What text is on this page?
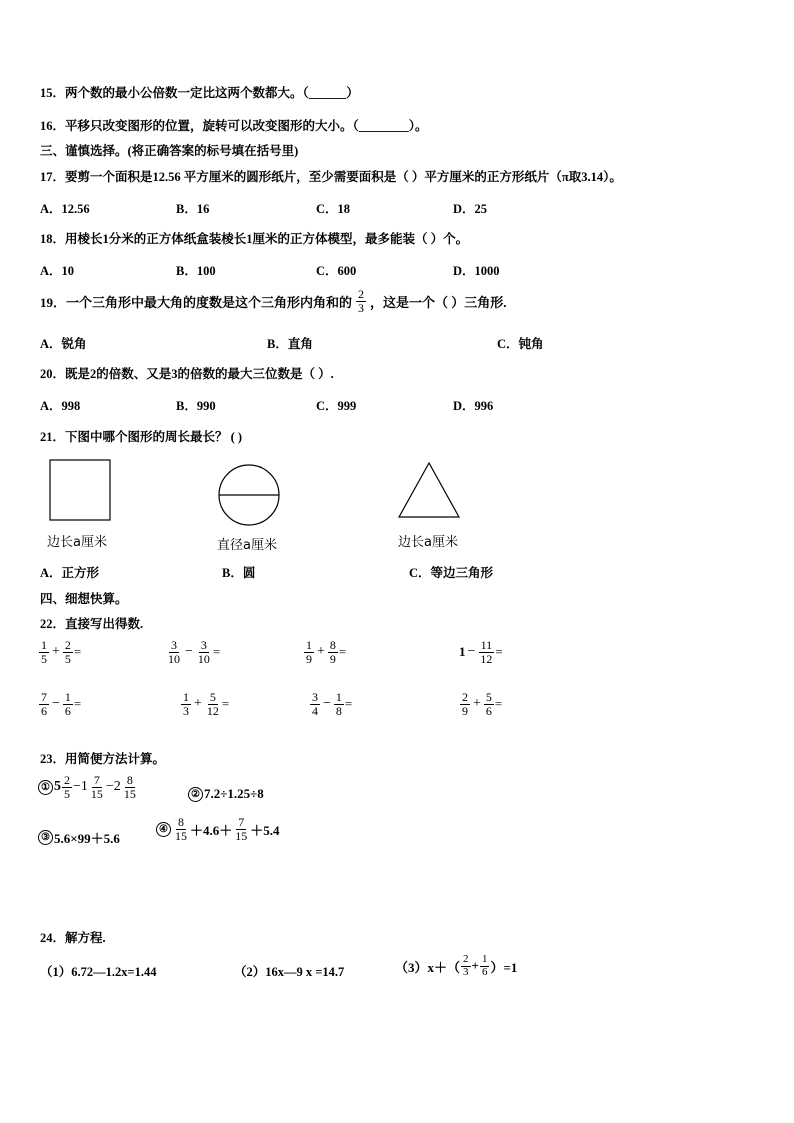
15．两个数的最小公倍数一定比这两个数都大。（______）
16．平移只改变图形的位置，旋转可以改变图形的大小。（________）。
三、谨慎选择。(将正确答案的标号填在括号里)
17．要剪一个面积是12.56 平方厘米的圆形纸片，至少需要面积是（ ）平方厘米的正方形纸片（π取3.14）。
A．12.56	B．16	C．18	D．25
18．用棱长1分米的正方体纸盒装棱长1厘米的正方体模型，最多能装（ ）个。
A．10	B．100	C．600	D．1000
19．一个三角形中最大角的度数是这个三角形内角和的 $\frac{2}{3}$ ，这是一个（ ）三角形.
A．锐角	B．直角	C．钝角
20．既是2的倍数、又是3的倍数的最大三位数是（ ）.
A．998	B．990	C．999	D．996
21．下图中哪个图形的周长最长？ ( )
边长a厘米	直径a厘米	边长a厘米
A．正方形	B．圆	C．等边三角形
四、细想快算。
22．直接写出得数.
$\frac{1}{5} + \frac{2}{5}$ =	$\frac{3}{10} - \frac{3}{10}$ =	$\frac{1}{9} + \frac{8}{9}$ =	$1 - \frac{11}{12}$ =
$\frac{7}{6} - \frac{1}{6}$ =	$\frac{1}{3} + \frac{5}{12}$ =	$\frac{3}{4} - \frac{1}{8}$ =	$\frac{2}{9} + \frac{5}{6}$ =
23．用简便方法计算。
① $5 \frac{2}{5} -1 \frac{7}{15} -2 \frac{8}{15}$	② 7.2÷1.25÷8
③ 5.6×99＋5.6
④ $\frac{8}{15} +4.6+ \frac{7}{15} +5.4$
24．解方程.
（1）6.72—1.2x=1.44	（2）16x—9 x =14.7	$(3)x+( \frac{2}{3} + \frac{1}{6} )=1$
